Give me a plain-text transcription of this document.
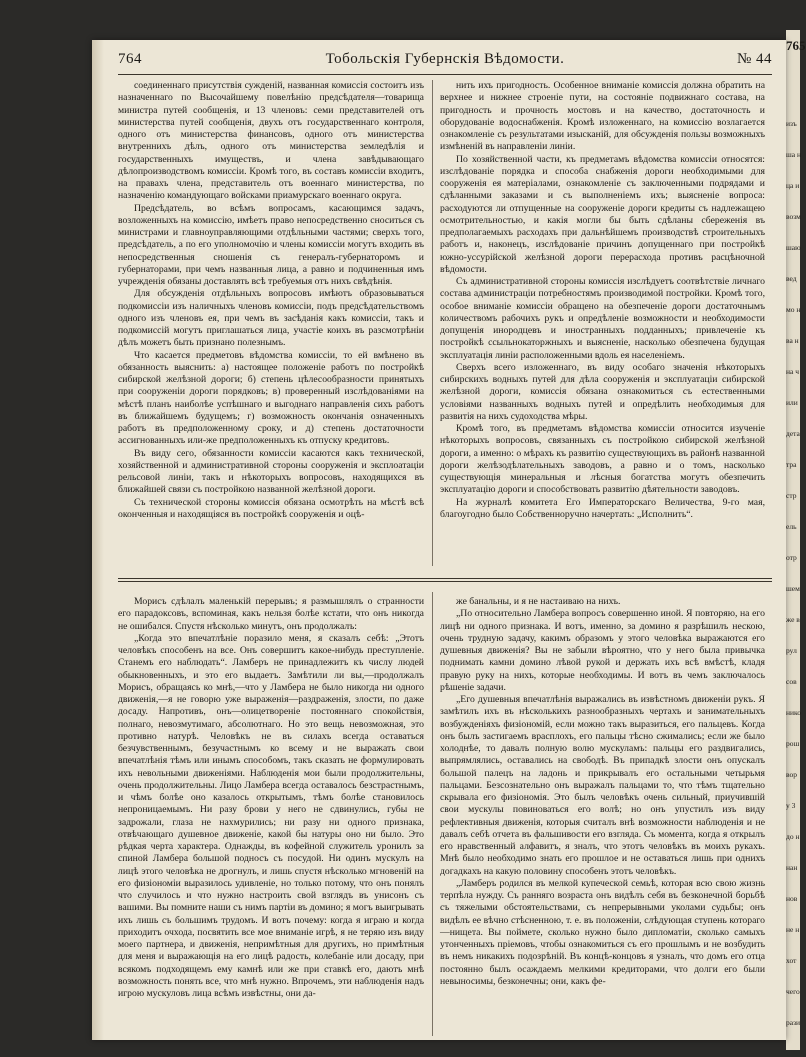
765
изъ
ша н
ца и
возм
шаю
вед
мо н
ва н
на ч
или
дета
тра
стр
ель
отр
шем
же в
рул
сов
нико
рош
вор
у 3
до н
нан
нов
не н
хот
чего
рази
764	Тобольскія Губернскія Вѣдомости.	№ 44

соединеннаго присутствія сужденій, названная комиссія состоитъ изъ назначеннаго по Высочайшему повелѣнію предсѣдателя—товарища министра путей сообщенія, и 13 членовъ: семи представителей отъ министерства путей сообщенія, двухъ отъ государственнаго контроля, одного отъ министерства финансовъ, одного отъ министерства внутреннихъ дѣлъ, одного отъ министерства земледѣлія и государственныхъ имуществъ, и члена завѣдывающаго дѣлопроизводствомъ комиссіи. Кромѣ того, въ составъ комиссіи входитъ, на правахъ члена, представитель отъ военнаго министерства, по назначенію командующаго войсками приамурскаго военнаго округа.

Предсѣдатель, во всѣмъ вопросамъ, касающимся задачъ, возложенныхъ на комиссію, имѣетъ право непосредственно сноситься съ министрами и главноуправляющими отдѣльными частями; сверхъ того, предсѣдатель, а по его уполномочію и члены комиссіи могутъ входить въ непосредственныя сношенія съ генералъ-губернаторомъ и губернаторами, при чемъ названныя лица, а равно и подчиненныя имъ учрежденія обязаны доставлять всѣ требуемыя отъ нихъ свѣдѣнія.

Для обсужденія отдѣльныхъ вопросовъ имѣютъ образовываться подкомиссіи изъ наличныхъ членовъ комиссіи, подъ предсѣдательствомъ одного изъ членовъ ея, при чемъ въ засѣданія какъ комиссіи, такъ и подкомиссій могутъ приглашаться лица, участіе коихъ въ разсмотрѣніи дѣлъ можетъ быть признано полезнымъ.

Что касается предметовъ вѣдомства комиссіи, то ей вмѣнено въ обязанность выяснить: а) настоящее положеніе работъ по постройкѣ сибирской желѣзной дороги; б) степень цѣлесообразности принятыхъ при сооруженіи дороги порядковъ; в) проверенный изслѣдованіями на мѣстѣ планъ наиболѣе успѣшнаго и выгоднаго направленія сихъ работъ въ ближайшемъ будущемъ; г) возможность окончанія означенныхъ работъ въ предположенному сроку, и д) степень достаточности ассигнованныхъ или-же предположенныхъ къ отпуску кредитовъ.

Въ виду сего, обязанности комиссіи касаются какъ технической, хозяйственной и административной стороны сооруженія и эксплоатаціи рельсовой линіи, такъ и нѣкоторыхъ вопросовъ, находящихся въ ближайшей связи съ постройкою названной желѣзной дороги.

Съ технической стороны комиссія обязана осмотрѣть на мѣстѣ всѣ оконченныя и находящіяся въ постройкѣ сооруженія и оцѣ-

нить ихъ пригодность. Особенное вниманіе комиссія должна обратить на верхнее и нижнее строеніе пути, на состояніе подвижнаго состава, на пригодность и прочность мостовъ и на качество, достаточность и оборудованіе водоснабженія. Кромѣ изложеннаго, на комиссію возлагается ознакомленіе съ результатами изысканій, для обсужденія пользы возможныхъ измѣненій въ направленіи линіи.

По хозяйственной части, къ предметамъ вѣдомства комиссіи относятся: изслѣдованіе порядка и способа снабженія дороги необходимыми для сооруженія ея матеріалами, ознакомленіе съ заключенными подрядами и сдѣланными заказами и съ выполненіемъ ихъ; выясненіе вопроса: расходуются ли отпущенные на сооруженіе дороги кредиты съ надлежащею осмотрительностью, и какія могли бы быть сдѣланы сбереженія въ предполагаемыхъ расходахъ при дальнѣйшемъ производствѣ строительныхъ работъ и, наконецъ, изслѣдованіе причинъ допущеннаго при постройкѣ южно-уссурійской желѣзной дороги перерасхода противъ расцѣночной вѣдомости.

Съ административной стороны комиссія изслѣдуетъ соотвѣтствіе личнаго состава администраціи потребностямъ производимой постройки. Кромѣ того, особое вниманіе комиссіи обращено на обезпеченіе дороги достаточнымъ количествомъ рабочихъ рукъ и опредѣленіе возможности и необходимости допущенія инородцевъ и иностранныхъ подданныхъ; привлеченіе къ постройкѣ ссыльнокаторжныхъ и выясненіе, насколько обезпечена будущая эксплуатація линіи расположенными вдоль ея населеніемъ.

Сверхъ всего изложеннаго, въ виду особаго значенія нѣкоторыхъ сибирскихъ водныхъ путей для дѣла сооруженія и эксплуатаціи сибирской желѣзной дороги, комиссія обязана ознакомиться съ естественными условіями названныхъ водныхъ путей и опредѣлить необходимыя для развитія на нихъ судоходства мѣры.

Кромѣ того, въ предметамъ вѣдомства комиссіи относится изученіе нѣкоторыхъ вопросовъ, связанныхъ съ постройкою сибирской желѣзной дороги, а именно: о мѣрахъ къ развитію существующихъ въ районѣ названной дороги желѣзодѣлательныхъ заводовъ, а равно и о томъ, насколько существующія минеральныя и лѣсныя богатства могутъ обезпечить эксплуатацію дороги и способствовать развитію дѣятельности заводовъ.

На журналѣ комитета Его Императорскаго Величества, 9-го мая, благоугодно было Собственноручно начертать: „Исполнить“.

Морисъ сдѣлалъ маленькій перерывъ; я размышлялъ о странности его парадоксовъ, вспоминая, какъ нельзя болѣе кстати, что онъ никогда не ошибался. Спустя нѣсколько минутъ, онъ продолжалъ:

„Когда это впечатлѣніе поразило меня, я сказалъ себѣ: „Этотъ человѣкъ способенъ на все. Онъ совершитъ какое-нибудь преступленіе. Станемъ его наблюдать“. Ламберъ не принадлежитъ къ числу людей обыкновенныхъ, и это его выдаетъ. Замѣтили ли вы,—продолжалъ Морисъ, обращаясь ко мнѣ,—что у Ламбера не было никогда ни одного движенія,—я не говорю уже выраженія—раздраженія, злости, по даже досаду. Напротивъ, онъ—олицетвореніе постояннаго спокойствія, полнаго, невозмутимаго, абсолютнаго. Но это вещь невозможная, это противно натурѣ. Человѣкъ не въ силахъ всегда оставаться безчувственнымъ, безучастнымъ ко всему и не выражать свои впечатлѣнія тѣмъ или инымъ способомъ, такъ сказать не формулировать ихъ невольными движеніями. Наблюденія мои были продолжительны, очень продолжительны. Лицо Ламбера всегда оставалось безстрастнымъ, и чѣмъ болѣе оно казалось открытымъ, тѣмъ болѣе становилось непроницаемымъ. Ни разу брови у него не сдвинулись, губы не задрожали, глаза не нахмурились; ни разу ни одного признака, отвѣчающаго душевное движеніе, какой бы натуры оно ни было. Это рѣдкая черта характера. Однажды, въ кофейной служитель уронилъ за спиной Ламбера большой подносъ съ посудой. Ни одинъ мускулъ на лицѣ этого человѣка не дрогнулъ, и лишь спустя нѣсколько мгновеній на его физіономіи выразилось удивленіе, но только потому, что онъ понялъ что случилось и что нужно настроить свой взглядъ въ унисонъ съ вашими. Вы помните наши съ нимъ партіи въ домино; я могъ выигрывать ихъ лишь съ большимъ трудомъ. И вотъ почему: когда я играю и когда приходитъ очхода, посвятить все мое вниманіе игрѣ, я не теряю изъ виду моего партнера, и движенія, непримѣтныя для другихъ, но примѣтныя для меня и выражающія на его лицѣ радость, колебаніе или досаду, при всякомъ подходящемъ ему камнѣ или же при ставкѣ его, даютъ мнѣ возможность понять все, что мнѣ нужно. Впрочемъ, эти наблюденія надъ игрою мускуловъ лица всѣмъ извѣстны, они да-

же банальны, и я не настаиваю на нихъ.

„По относительно Ламбера вопросъ совершенно иной. Я повторяю, на его лицѣ ни одного признака. И вотъ, именно, за домино я разрѣшилъ нескою, очень трудную задачу, какимъ образомъ у этого человѣка выражаются его душевныя движенія? Вы не забыли вѣроятно, что у него была привычка поднимать камни домино лѣвой рукой и держать ихъ всѣ вмѣстѣ, кладя правую руку на нихъ, которые необходимы. И вотъ въ чемъ заключалось рѣшеніе задачи.

„Его душевныя впечатлѣнія выражались въ извѣстномъ движеніи рукъ. Я замѣтилъ ихъ въ нѣсколькихъ разнообразныхъ чертахъ и занимательныхъ возбужденіяхъ физіономій, если можно такъ выразиться, его пальцевъ. Когда онъ былъ застигаемъ врасплохъ, его пальцы тѣсно сжимались; если же было холоднѣе, то давалъ полную волю мускуламъ: пальцы его раздвигались, выпрямлялись, оставались на свободѣ. Въ припадкѣ злости онъ опускалъ большой палецъ на ладонь и прикрывалъ его остальными четырьмя пальцами. Безсознательно онъ выражалъ пальцами то, что тѣмъ тщательно скрывала его физіономія. Это былъ человѣкъ очень сильный, приучившій свои мускулы повиноваться его волѣ; но онъ упустилъ изъ виду рефлективныя движенія, которыя считалъ внѣ возможности наблюденія и не давалъ себѣ отчета въ фальшивости его взгляда. Съ момента, когда я открылъ его нравственный алфавитъ, я зналъ, что этотъ человѣкъ въ моихъ рукахъ. Мнѣ было необходимо знать его прошлое и не оставаться лишь при однихъ догадкахъ на какую половину способенъ этотъ человѣкъ.

„Ламберъ родился въ мелкой купеческой семьѣ, которая всю свою жизнь терпѣла нужду. Съ ранняго возраста онъ видѣлъ себя въ безконечной борьбѣ съ тяжелыми обстоятельствами, съ непрерывными уколами судьбы; онъ видѣлъ ее вѣчно стѣсненною, т. е. въ положеніи, слѣдующая ступень котораго—нищета. Вы поймете, сколько нужно было дипломатіи, сколько самыхъ утонченныхъ пріемовъ, чтобы ознакомиться съ его прошлымъ и не возбудить въ немъ никакихъ подозрѣній. Въ концѣ-концовъ я узналъ, что домъ его отца постоянно былъ осаждаемъ мелкими кредиторами, что долги его были невыносимы, безконечны; они, какъ фе-
